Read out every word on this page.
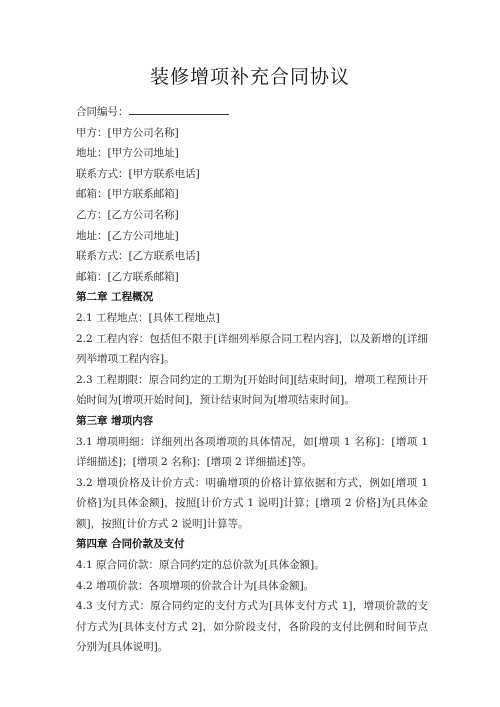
装修增项补充合同协议
合同编号：
甲方：[甲方公司名称]
地址：[甲方公司地址]
联系方式：[甲方联系电话]
邮箱：[甲方联系邮箱]
乙方：[乙方公司名称]
地址：[乙方公司地址]
联系方式：[乙方联系电话]
邮箱：[乙方联系邮箱]
第二章 工程概况
2.1 工程地点：[具体工程地点]
2.2 工程内容：包括但不限于[详细列举原合同工程内容]，以及新增的[详细列举增项工程内容]。
2.3 工程期限：原合同约定的工期为[开始时间][结束时间]，增项工程预计开始时间为[增项开始时间]，预计结束时间为[增项结束时间]。
第三章 增项内容
3.1 增项明细：详细列出各项增项的具体情况，如[增项 1 名称]：[增项 1 详细描述]；[增项 2 名称]：[增项 2 详细描述]等。
3.2 增项价格及计价方式：明确增项的价格计算依据和方式，例如[增项 1 价格]为[具体金额]，按照[计价方式 1 说明]计算；[增项 2 价格]为[具体金额]，按照[计价方式 2 说明]计算等。
第四章 合同价款及支付
4.1 原合同价款：原合同约定的总价款为[具体金额]。
4.2 增项价款：各项增项的价款合计为[具体金额]。
4.3 支付方式：原合同约定的支付方式为[具体支付方式 1]，增项价款的支付方式为[具体支付方式 2]，如分阶段支付，各阶段的支付比例和时间节点分别为[具体说明]。
